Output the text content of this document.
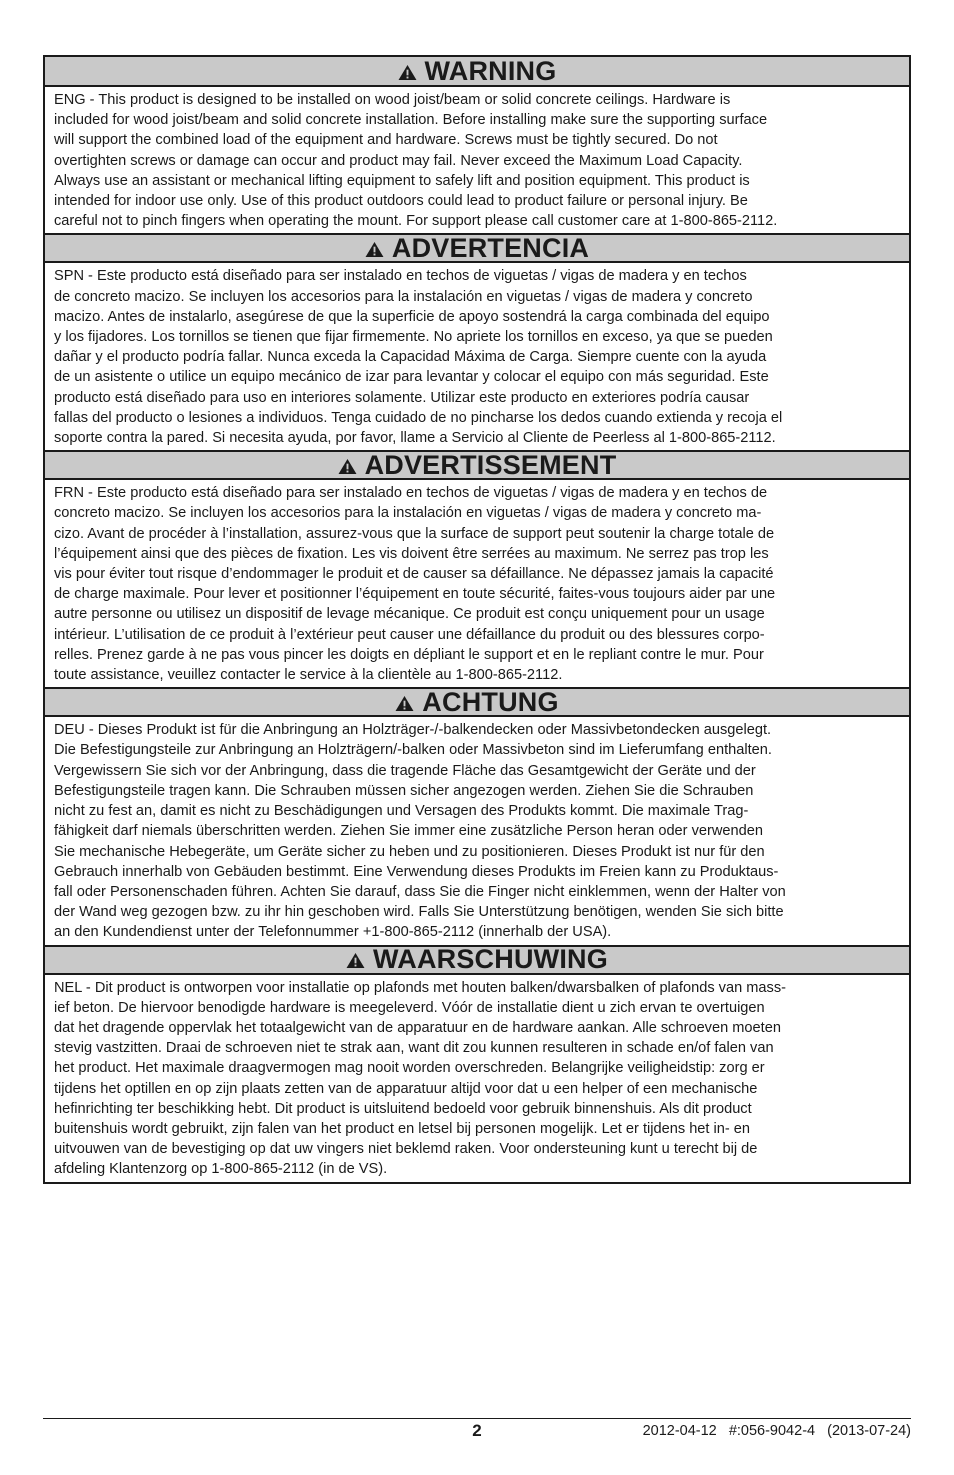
WARNING
ENG - This product is designed to be installed on wood joist/beam or solid concrete ceilings. Hardware is
included for wood joist/beam and solid concrete installation. Before installing make sure the supporting surface
will support the combined load of the equipment and hardware. Screws must be tightly secured. Do not
overtighten screws or damage can occur and product may fail. Never exceed the Maximum Load Capacity.
Always use an assistant or mechanical lifting equipment to safely lift and position equipment. This product is
intended for indoor use only. Use of this product outdoors could lead to product failure or personal injury. Be
careful not to pinch fingers when operating the mount. For support please call customer care at 1-800-865-2112.
ADVERTENCIA
SPN - Este producto está diseñado para ser instalado en techos de viguetas / vigas de madera y en techos
de concreto macizo. Se incluyen los accesorios para la instalación en viguetas / vigas de madera y concreto
macizo. Antes de instalarlo, asegúrese de que la superficie de apoyo sostendrá la carga combinada del equipo
y los fijadores. Los tornillos se tienen que fijar firmemente. No apriete los tornillos en exceso, ya que se pueden
dañar y el producto podría fallar. Nunca exceda la Capacidad Máxima de Carga. Siempre cuente con la ayuda
de un asistente o utilice un equipo mecánico de izar para levantar y colocar el equipo con más seguridad. Este
producto está diseñado para uso en interiores solamente. Utilizar este producto en exteriores podría causar
fallas del producto o lesiones a individuos. Tenga cuidado de no pincharse los dedos cuando extienda y recoja el
soporte contra la pared. Si necesita ayuda, por favor, llame a Servicio al Cliente de Peerless al 1-800-865-2112.
ADVERTISSEMENT
FRN - Este producto está diseñado para ser instalado en techos de viguetas / vigas de madera y en techos de
concreto macizo. Se incluyen los accesorios para la instalación en viguetas / vigas de madera y concreto ma-
cizo. Avant de procéder à l’installation, assurez-vous que la surface de support peut soutenir la charge totale de
l’équipement ainsi que des pièces de fixation. Les vis doivent être serrées au maximum. Ne serrez pas trop les
vis pour éviter tout risque d’endommager le produit et de causer sa défaillance. Ne dépassez jamais la capacité
de charge maximale. Pour lever et positionner l’équipement en toute sécurité, faites-vous toujours aider par une
autre personne ou utilisez un dispositif de levage mécanique. Ce produit est conçu uniquement pour un usage
intérieur. L’utilisation de ce produit à l’extérieur peut causer une défaillance du produit ou des blessures corpo-
relles. Prenez garde à ne pas vous pincer les doigts en dépliant le support et en le repliant contre le mur. Pour
toute assistance, veuillez contacter le service à la clientèle au 1-800-865-2112.
ACHTUNG
DEU - Dieses Produkt ist für die Anbringung an Holzträger-/-balkendecken oder Massivbetondecken ausgelegt.
Die Befestigungsteile zur Anbringung an Holzträgern/-balken oder Massivbeton sind im Lieferumfang enthalten.
Vergewissern Sie sich vor der Anbringung, dass die tragende Fläche das Gesamtgewicht der Geräte und der
Befestigungsteile tragen kann. Die Schrauben müssen sicher angezogen werden. Ziehen Sie die Schrauben
nicht zu fest an, damit es nicht zu Beschädigungen und Versagen des Produkts kommt. Die maximale Trag-
fähigkeit darf niemals überschritten werden. Ziehen Sie immer eine zusätzliche Person heran oder verwenden
Sie mechanische Hebegeräte, um Geräte sicher zu heben und zu positionieren. Dieses Produkt ist nur für den
Gebrauch innerhalb von Gebäuden bestimmt. Eine Verwendung dieses Produkts im Freien kann zu Produktaus-
fall oder Personenschaden führen. Achten Sie darauf, dass Sie die Finger nicht einklemmen, wenn der Halter von
der Wand weg gezogen bzw. zu ihr hin geschoben wird. Falls Sie Unterstützung benötigen, wenden Sie sich bitte
an den Kundendienst unter der Telefonnummer +1-800-865-2112 (innerhalb der USA).
WAARSCHUWING
NEL - Dit product is ontworpen voor installatie op plafonds met houten balken/dwarsbalken of plafonds van mass-
ief beton. De hiervoor benodigde hardware is meegeleverd. Vóór de installatie dient u zich ervan te overtuigen
dat het dragende oppervlak het totaalgewicht van de apparatuur en de hardware aankan. Alle schroeven moeten
stevig vastzitten. Draai de schroeven niet te strak aan, want dit zou kunnen resulteren in schade en/of falen van
het product. Het maximale draagvermogen mag nooit worden overschreden. Belangrijke veiligheidstip: zorg er
tijdens het optillen en op zijn plaats zetten van de apparatuur altijd voor dat u een helper of een mechanische
hefinrichting ter beschikking hebt. Dit product is uitsluitend bedoeld voor gebruik binnenshuis. Als dit product
buitenshuis wordt gebruikt, zijn falen van het product en letsel bij personen mogelijk. Let er tijdens het in- en
uitvouwen van de bevestiging op dat uw vingers niet beklemd raken. Voor ondersteuning kunt u terecht bij de
afdeling Klantenzorg op 1-800-865-2112 (in de VS).
2	2012-04-12   #:056-9042-4   (2013-07-24)
